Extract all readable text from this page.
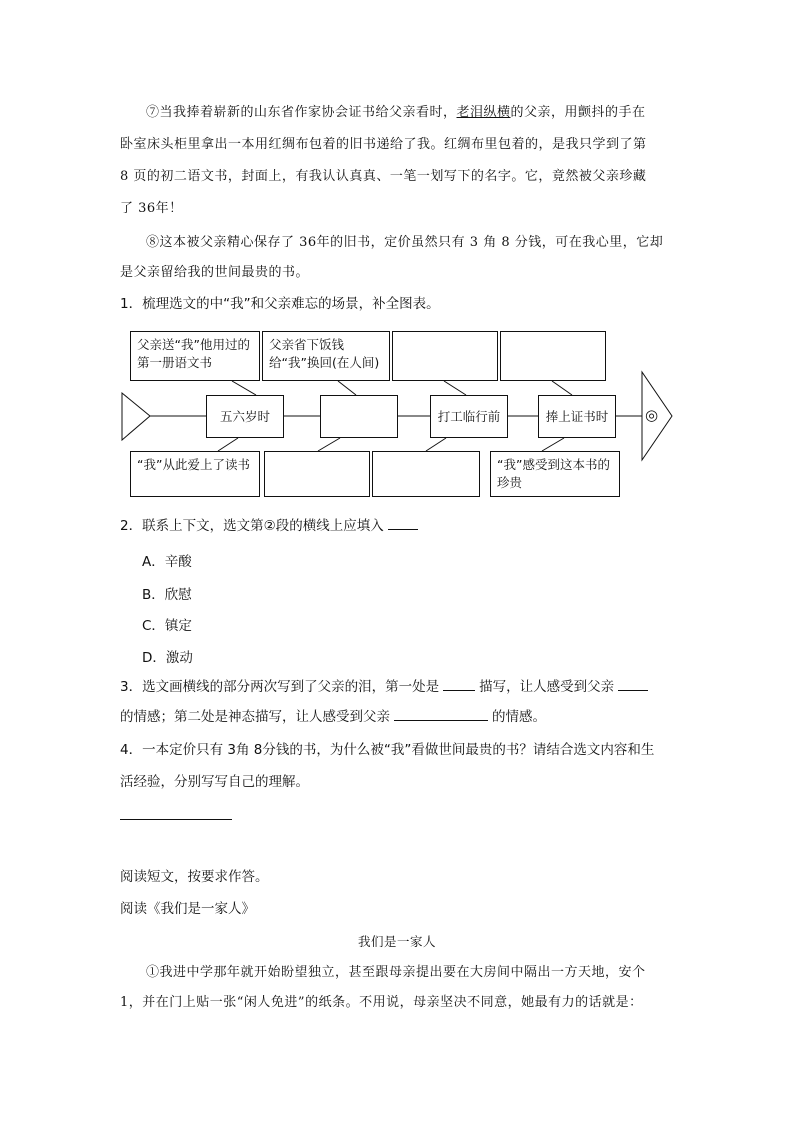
⑦当我捧着崭新的山东省作家协会证书给父亲看时，老泪纵横的父亲，用颤抖的手在
卧室床头柜里拿出一本用红绸布包着的旧书递给了我。红绸布里包着的，是我只学到了第
8 页的初二语文书，封面上，有我认认真真、一笔一划写下的名字。它，竟然被父亲珍藏
了 36年！
⑧这本被父亲精心保存了 36年的旧书，定价虽然只有 3 角 8 分钱，可在我心里，它却
是父亲留给我的世间最贵的书。
1．梳理选文的中“我”和父亲难忘的场景，补全图表。
父亲送“我”他用过的第一册语文书
父亲省下饭钱给“我”换回(在人间)
五六岁时	打工临行前	捧上证书时	◎
“我”从此爱上了读书	“我”感受到这本书的珍贵
2．联系上下文，选文第②段的横线上应填入
A．辛酸
B．欣慰
C．镇定
D．激动
3．选文画横线的部分两次写到了父亲的泪，第一处是	描写，让人感受到父亲
的情感；第二处是神态描写，让人感受到父亲	的情感。
4．一本定价只有 3角 8分钱的书，为什么被“我”看做世间最贵的书？请结合选文内容和生
活经验，分别写写自己的理解。
阅读短文，按要求作答。
阅读《我们是一家人》
我们是一家人
①我进中学那年就开始盼望独立，甚至跟母亲提出要在大房间中隔出一方天地，安个
1，并在门上贴一张“闲人免进”的纸条。不用说，母亲坚决不同意，她最有力的话就是：
